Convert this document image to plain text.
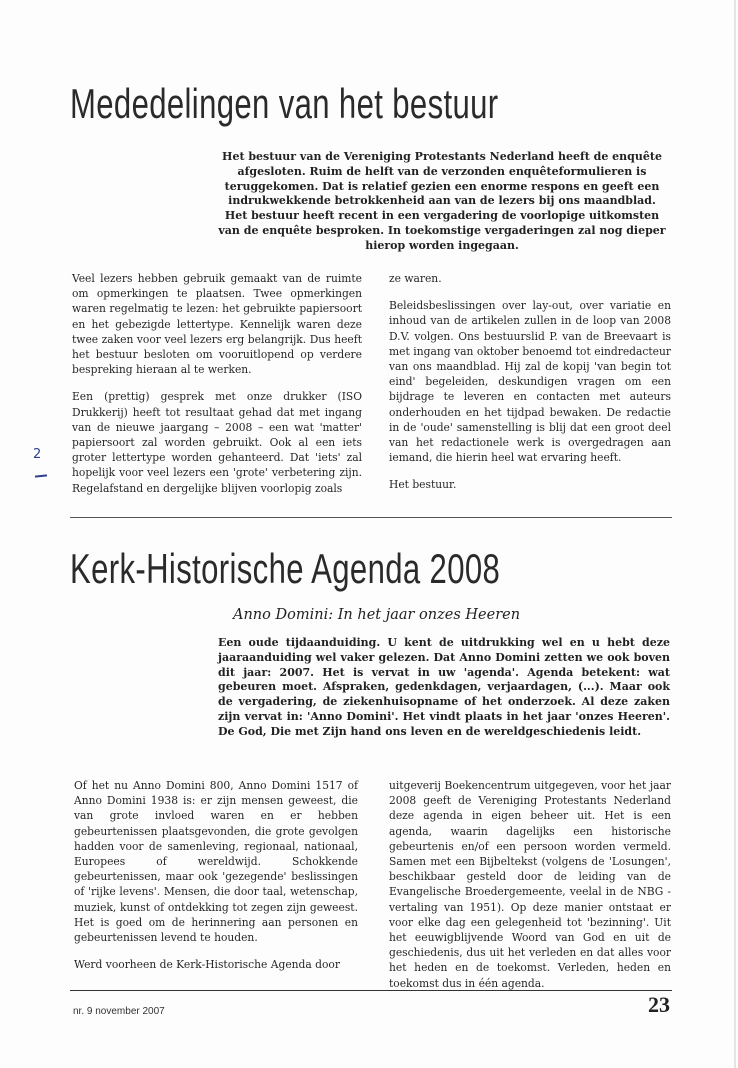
Mededelingen van het bestuur

Het bestuur van de Vereniging Protestants Nederland heeft de enquête afgesloten. Ruim de helft van de verzonden enquêteformulieren is teruggekomen. Dat is relatief gezien een enorme respons en geeft een indrukwekkende betrokkenheid aan van de lezers bij ons maandblad. Het bestuur heeft recent in een vergadering de voorlopige uitkomsten van de enquête besproken. In toekomstige vergaderingen zal nog dieper hierop worden ingegaan.

Veel lezers hebben gebruik gemaakt van de ruimte om opmerkingen te plaatsen. Twee opmerkingen waren regelmatig te lezen: het gebruikte papiersoort en het gebezigde lettertype. Kennelijk waren deze twee zaken voor veel lezers erg belangrijk. Dus heeft het bestuur besloten om vooruitlopend op verdere bespreking hieraan al te werken.

Een (prettig) gesprek met onze drukker (ISO Drukkerij) heeft tot resultaat gehad dat met ingang van de nieuwe jaargang – 2008 – een wat 'matter' papiersoort zal worden gebruikt. Ook al een iets groter lettertype worden gehanteerd. Dat 'iets' zal hopelijk voor veel lezers een 'grote' verbetering zijn. Regelafstand en dergelijke blijven voorlopig zoals

ze waren.

Beleidsbeslissingen over lay-out, over variatie en inhoud van de artikelen zullen in de loop van 2008 D.V. volgen. Ons bestuurslid P. van de Breevaart is met ingang van oktober benoemd tot eindredacteur van ons maandblad. Hij zal de kopij 'van begin tot eind' begeleiden, deskundigen vragen om een bijdrage te leveren en contacten met auteurs onderhouden en het tijdpad bewaken. De redactie in de 'oude' samenstelling is blij dat een groot deel van het redactionele werk is overgedragen aan iemand, die hierin heel wat ervaring heeft.

Het bestuur.

2
Kerk-Historische Agenda 2008
Anno Domini: In het jaar onzes Heeren

Een oude tijdaanduiding. U kent de uitdrukking wel en u hebt deze jaaraanduiding wel vaker gelezen. Dat Anno Domini zetten we ook boven dit jaar: 2007. Het is vervat in uw 'agenda'. Agenda betekent: wat gebeuren moet. Afspraken, gedenkdagen, verjaardagen, (...). Maar ook de vergadering, de ziekenhuisopname of het onderzoek. Al deze zaken zijn vervat in: 'Anno Domini'. Het vindt plaats in het jaar 'onzes Heeren'. De God, Die met Zijn hand ons leven en de wereldgeschiedenis leidt.

Of het nu Anno Domini 800, Anno Domini 1517 of Anno Domini 1938 is: er zijn mensen geweest, die van grote invloed waren en er hebben gebeurtenissen plaatsgevonden, die grote gevolgen hadden voor de samenleving, regionaal, nationaal, Europees of wereldwijd. Schokkende gebeurtenissen, maar ook 'gezegende' beslissingen of 'rijke levens'. Mensen, die door taal, wetenschap, muziek, kunst of ontdekking tot zegen zijn geweest. Het is goed om de herinnering aan personen en gebeurtenissen levend te houden.

Werd voorheen de Kerk-Historische Agenda door

uitgeverij Boekencentrum uitgegeven, voor het jaar 2008 geeft de Vereniging Protestants Nederland deze agenda in eigen beheer uit. Het is een agenda, waarin dagelijks een historische gebeurtenis en/of een persoon worden vermeld. Samen met een Bijbeltekst (volgens de 'Losungen', beschikbaar gesteld door de leiding van de Evangelische Broedergemeente, veelal in de NBG - vertaling van 1951). Op deze manier ontstaat er voor elke dag een gelegenheid tot 'bezinning'. Uit het eeuwigblijvende Woord van God en uit de geschiedenis, dus uit het verleden en dat alles voor het heden en de toekomst. Verleden, heden en toekomst dus in één agenda.

nr. 9 november 2007	23
